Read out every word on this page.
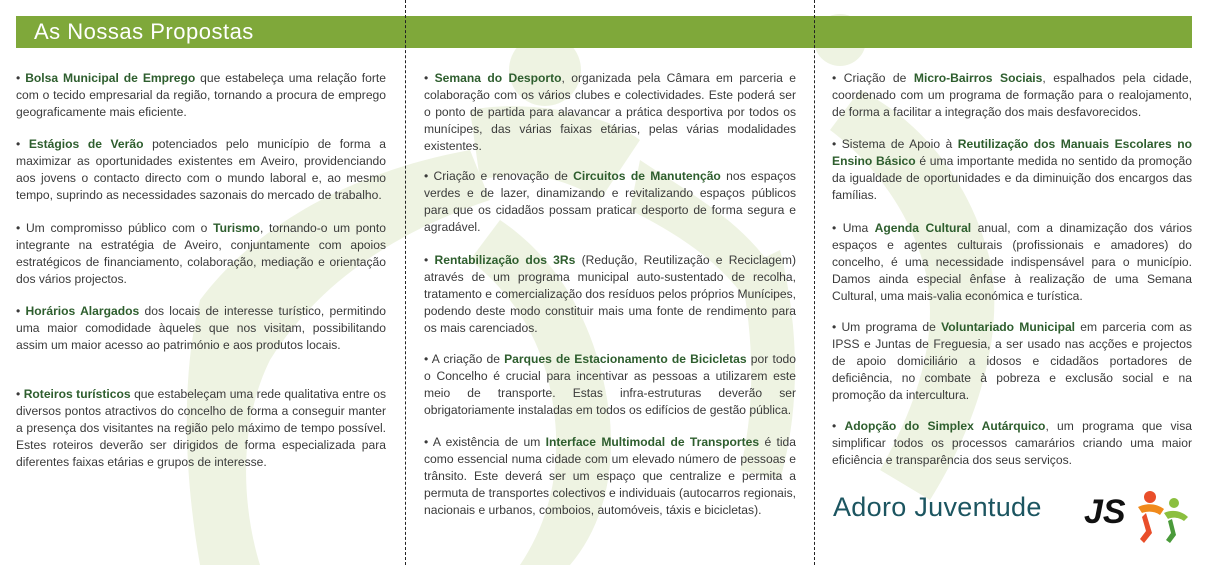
As Nossas Propostas
• Bolsa Municipal de Emprego que estabeleça uma relação forte com o tecido empresarial da região, tornando a procura de emprego geograficamente mais eficiente.
• Estágios de Verão potenciados pelo município de forma a maximizar as oportunidades existentes em Aveiro, providenciando aos jovens o contacto directo com o mundo laboral e, ao mesmo tempo, suprindo as necessidades sazonais do mercado de trabalho.
• Um compromisso público com o Turismo, tornando-o um ponto integrante na estratégia de Aveiro, conjuntamente com apoios estratégicos de financiamento, colaboração, mediação e orientação dos vários projectos.
• Horários Alargados dos locais de interesse turístico, permitindo uma maior comodidade àqueles que nos visitam, possibilitando assim um maior acesso ao património e aos produtos locais.
• Roteiros turísticos que estabeleçam uma rede qualitativa entre os diversos pontos atractivos do concelho de forma a conseguir manter a presença dos visitantes na região pelo máximo de tempo possível. Estes roteiros deverão ser dirigidos de forma especializada para diferentes faixas etárias e grupos de interesse.
• Semana do Desporto, organizada pela Câmara em parceria e colaboração com os vários clubes e colectividades. Este poderá ser o ponto de partida para alavancar a prática desportiva por todos os munícipes, das várias faixas etárias, pelas várias modalidades existentes.
• Criação e renovação de Circuitos de Manutenção nos espaços verdes e de lazer, dinamizando e revitalizando espaços públicos para que os cidadãos possam praticar desporto de forma segura e agradável.
• Rentabilização dos 3Rs (Redução, Reutilização e Reciclagem) através de um programa municipal auto-sustentado de recolha, tratamento e comercialização dos resíduos pelos próprios Munícipes, podendo deste modo constituir mais uma fonte de rendimento para os mais carenciados.
• A criação de Parques de Estacionamento de Bicicletas por todo o Concelho é crucial para incentivar as pessoas a utilizarem este meio de transporte. Estas infra-estruturas deverão ser obrigatoriamente instaladas em todos os edifícios de gestão pública.
• A existência de um Interface Multimodal de Transportes é tida como essencial numa cidade com um elevado número de pessoas e trânsito. Este deverá ser um espaço que centralize e permita a permuta de transportes colectivos e individuais (autocarros regionais, nacionais e urbanos, comboios, automóveis, táxis e bicicletas).
• Criação de Micro-Bairros Sociais, espalhados pela cidade, coordenado com um programa de formação para o realojamento, de forma a facilitar a integração dos mais desfavorecidos.
• Sistema de Apoio à Reutilização dos Manuais Escolares no Ensino Básico é uma importante medida no sentido da promoção da igualdade de oportunidades e da diminuição dos encargos das famílias.
• Uma Agenda Cultural anual, com a dinamização dos vários espaços e agentes culturais (profissionais e amadores) do concelho, é uma necessidade indispensável para o município. Damos ainda especial ênfase à realização de uma Semana Cultural, uma mais-valia económica e turística.
• Um programa de Voluntariado Municipal em parceria com as IPSS e Juntas de Freguesia, a ser usado nas acções e projectos de apoio domiciliário a idosos e cidadãos portadores de deficiência, no combate à pobreza e exclusão social e na promoção da intercultura.
• Adopção do Simplex Autárquico, um programa que visa simplificar todos os processos camarários criando uma maior eficiência e transparência dos seus serviços.
Adoro Juventude JS
